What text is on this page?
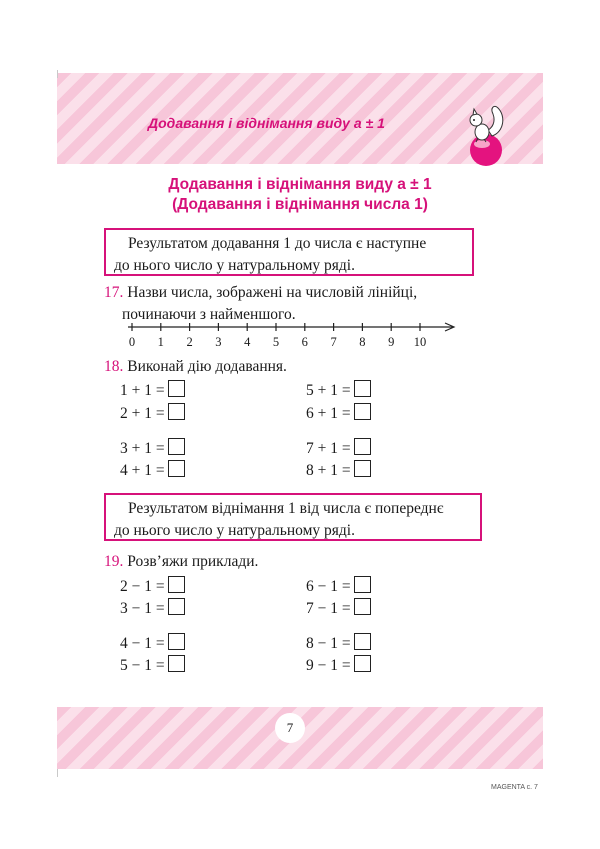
Додавання і віднімання виду a ± 1
Додавання і віднімання виду a ± 1
(Додавання і віднімання числа 1)
Результатом додавання 1 до числа є наступне
до нього число у натуральному ряді.
17. Назви числа, зображені на числовій лінійці,
починаючи з найменшого.
0 1 2 3 4 5 6 7 8 9 10
18. Виконай дію додавання.
1 + 1 =
2 + 1 =
3 + 1 =
4 + 1 =
5 + 1 =
6 + 1 =
7 + 1 =
8 + 1 =
Результатом віднімання 1 від числа є попереднє
до нього число у натуральному ряді.
19. Розв’яжи приклади.
2 − 1 =
3 − 1 =
4 − 1 =
5 − 1 =
6 − 1 =
7 − 1 =
8 − 1 =
9 − 1 =
7
MAGENTA с. 7
